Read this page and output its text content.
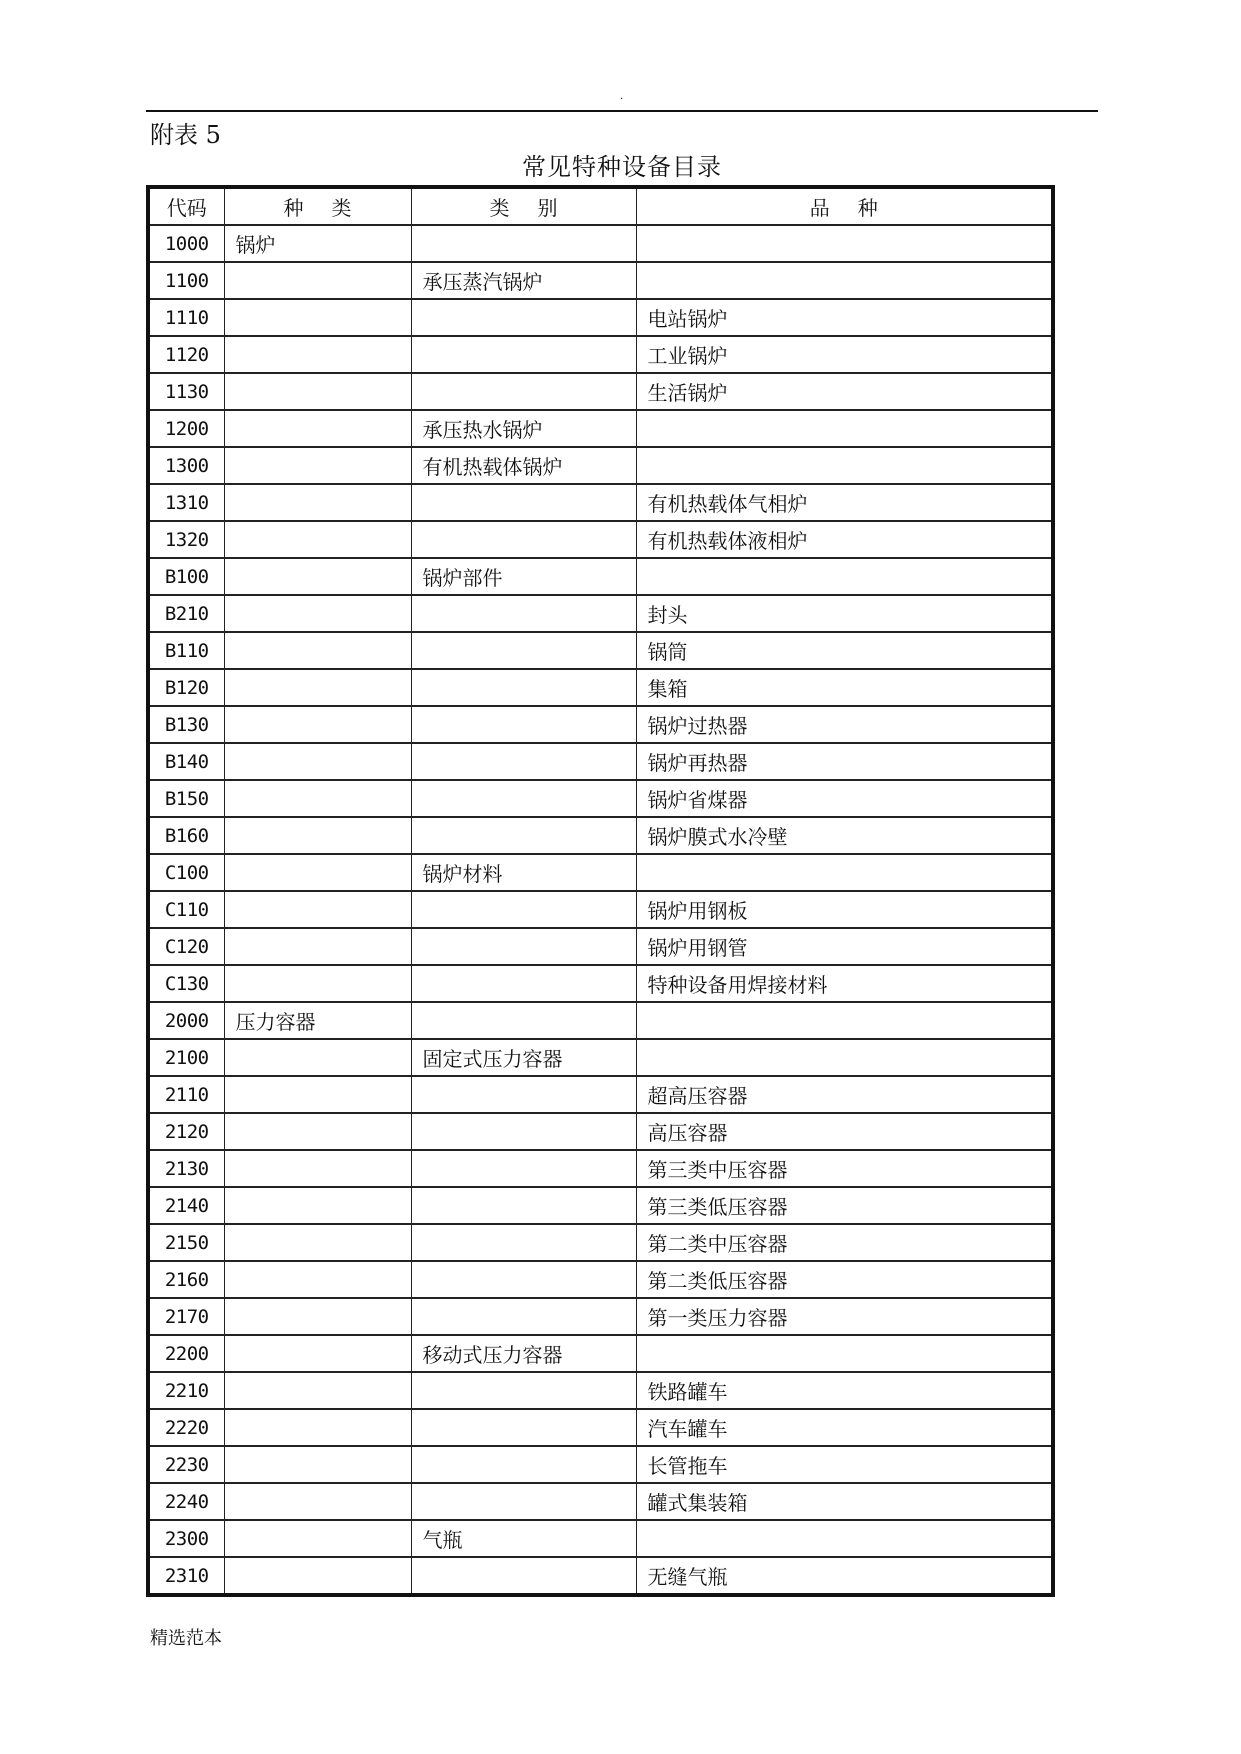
.
附表 5
常见特种设备目录
代码	种类	类别	品种
1000	锅炉		
1100		承压蒸汽锅炉	
1110			电站锅炉
1120			工业锅炉
1130			生活锅炉
1200		承压热水锅炉	
1300		有机热载体锅炉	
1310			有机热载体气相炉
1320			有机热载体液相炉
B100		锅炉部件	
B210			封头
B110			锅筒
B120			集箱
B130			锅炉过热器
B140			锅炉再热器
B150			锅炉省煤器
B160			锅炉膜式水冷壁
C100		锅炉材料	
C110			锅炉用钢板
C120			锅炉用钢管
C130			特种设备用焊接材料
2000	压力容器		
2100		固定式压力容器	
2110			超高压容器
2120			高压容器
2130			第三类中压容器
2140			第三类低压容器
2150			第二类中压容器
2160			第二类低压容器
2170			第一类压力容器
2200		移动式压力容器	
2210			铁路罐车
2220			汽车罐车
2230			长管拖车
2240			罐式集装箱
2300		气瓶	
2310			无缝气瓶
精选范本
